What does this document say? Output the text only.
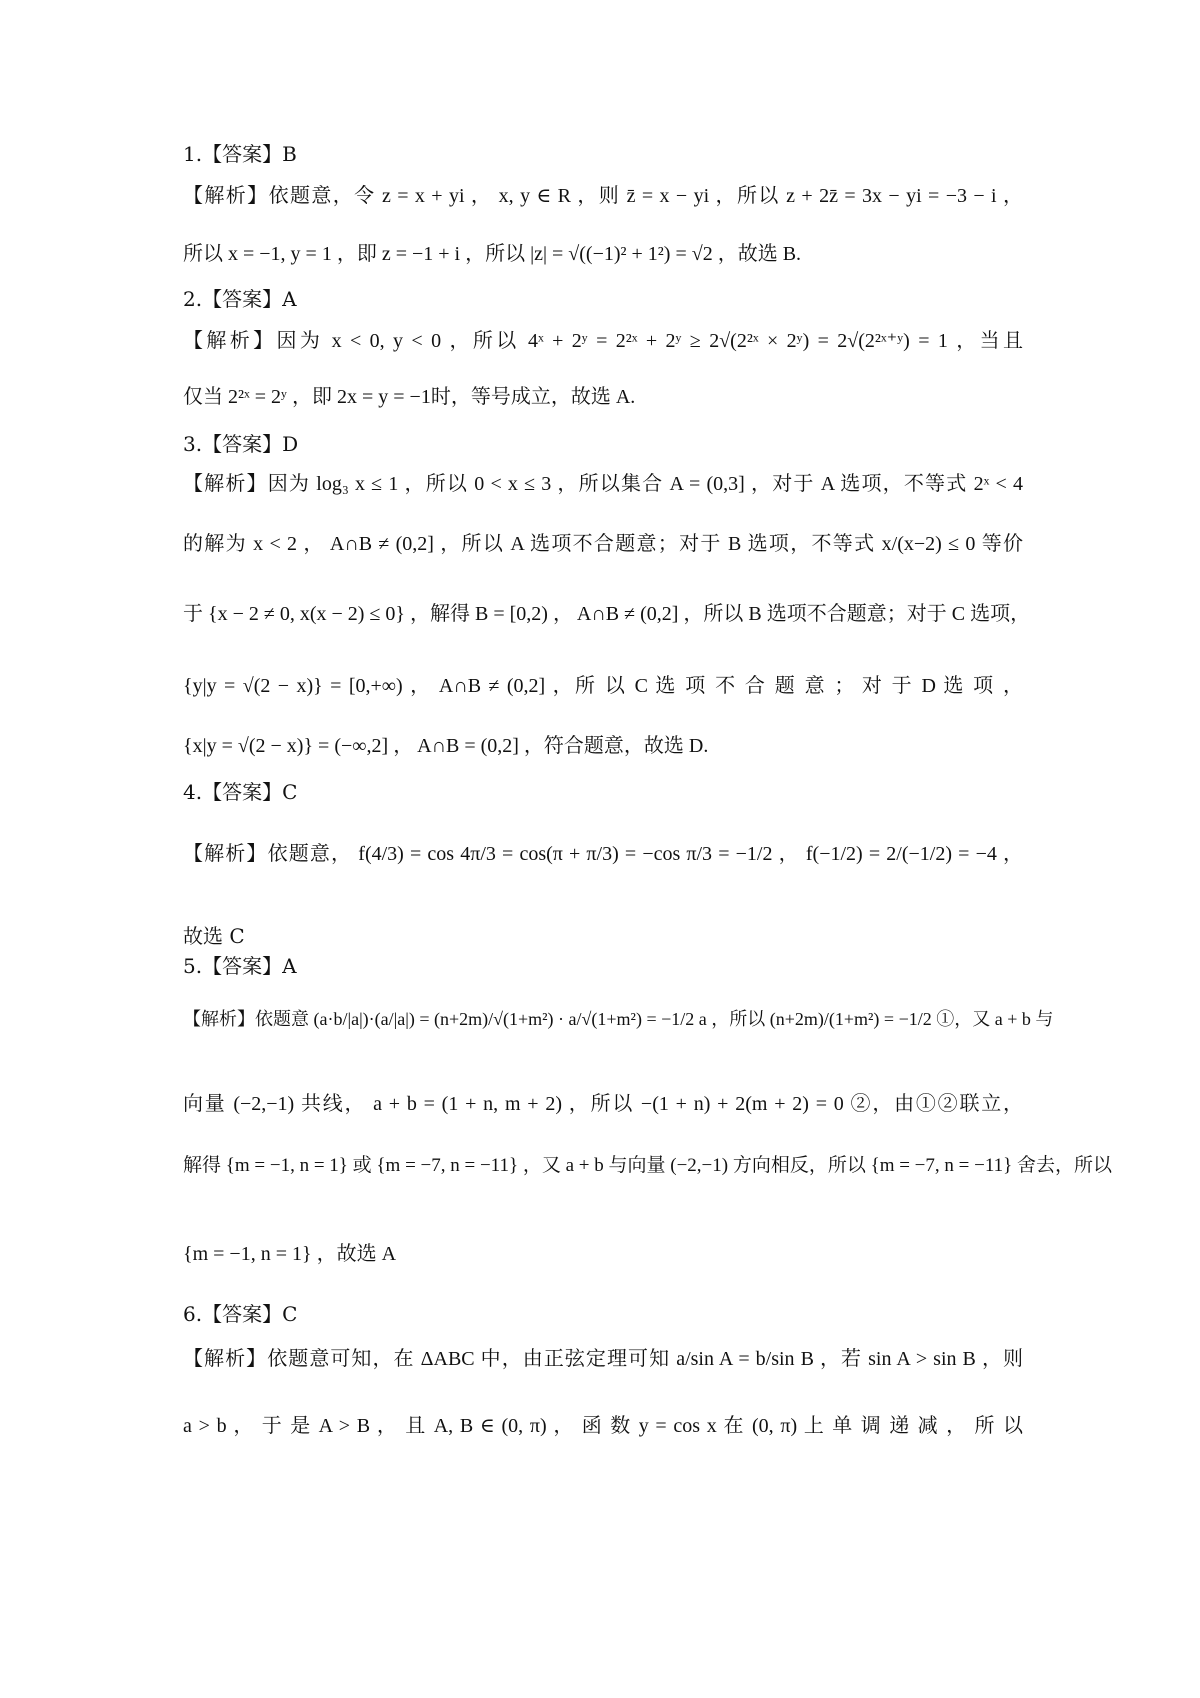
1.【答案】B
【解析】依题意，令 z = x + yi ， x, y ∈ R ，则 z̄ = x − yi ，所以 z + 2z̄ = 3x − yi = −3 − i ，
所以 x = −1, y = 1 ，即 z = −1 + i ，所以 |z| = √((−1)² + 1²) = √2 ，故选 B.
2.【答案】A
【解析】因为 x < 0, y < 0 ，所以 4ˣ + 2ʸ = 2²ˣ + 2ʸ ≥ 2√(2²ˣ × 2ʸ) = 2√(2²ˣ⁺ʸ) = 1 ，当且
仅当 2²ˣ = 2ʸ ，即 2x = y = −1时，等号成立，故选 A.
3.【答案】D
【解析】因为 log₃ x ≤ 1 ，所以 0 < x ≤ 3 ，所以集合 A = (0,3] ，对于 A 选项，不等式 2ˣ < 4
的解为 x < 2 ， A∩B ≠ (0,2] ，所以 A 选项不合题意；对于 B 选项，不等式 x/(x−2) ≤ 0 等价
于 {x − 2 ≠ 0, x(x − 2) ≤ 0} ，解得 B = [0,2) ， A∩B ≠ (0,2] ，所以 B 选项不合题意；对于 C 选项，
{y|y = √(2 − x)} = [0,+∞) ， A∩B ≠ (0,2] ，所 以 C 选 项 不 合 题 意 ； 对 于 D 选 项 ，
{x|y = √(2 − x)} = (−∞,2] ， A∩B = (0,2] ，符合题意，故选 D.
4.【答案】C
【解析】依题意， f(4/3) = cos 4π/3 = cos(π + π/3) = −cos π/3 = −1/2 ， f(−1/2) = 2/(−1/2) = −4 ，
故选 C
5.【答案】A
【解析】依题意 (a·b/|a|)·(a/|a|) = (n+2m)/√(1+m²) · a/√(1+m²) = −1/2 a ，所以 (n+2m)/(1+m²) = −1/2 ①，又 a + b 与
向量 (−2,−1) 共线， a + b = (1 + n, m + 2) ，所以 −(1 + n) + 2(m + 2) = 0 ②，由①②联立，
解得 {m = −1, n = 1} 或 {m = −7, n = −11} ，又 a + b 与向量 (−2,−1) 方向相反，所以 {m = −7, n = −11} 舍去，所以
{m = −1, n = 1} ，故选 A
6.【答案】C
【解析】依题意可知，在 ΔABC 中，由正弦定理可知 a/sin A = b/sin B ，若 sin A > sin B ，则
a > b ， 于 是 A > B ， 且 A, B ∈ (0, π) ， 函 数 y = cos x 在 (0, π) 上 单 调 递 减 ， 所 以
